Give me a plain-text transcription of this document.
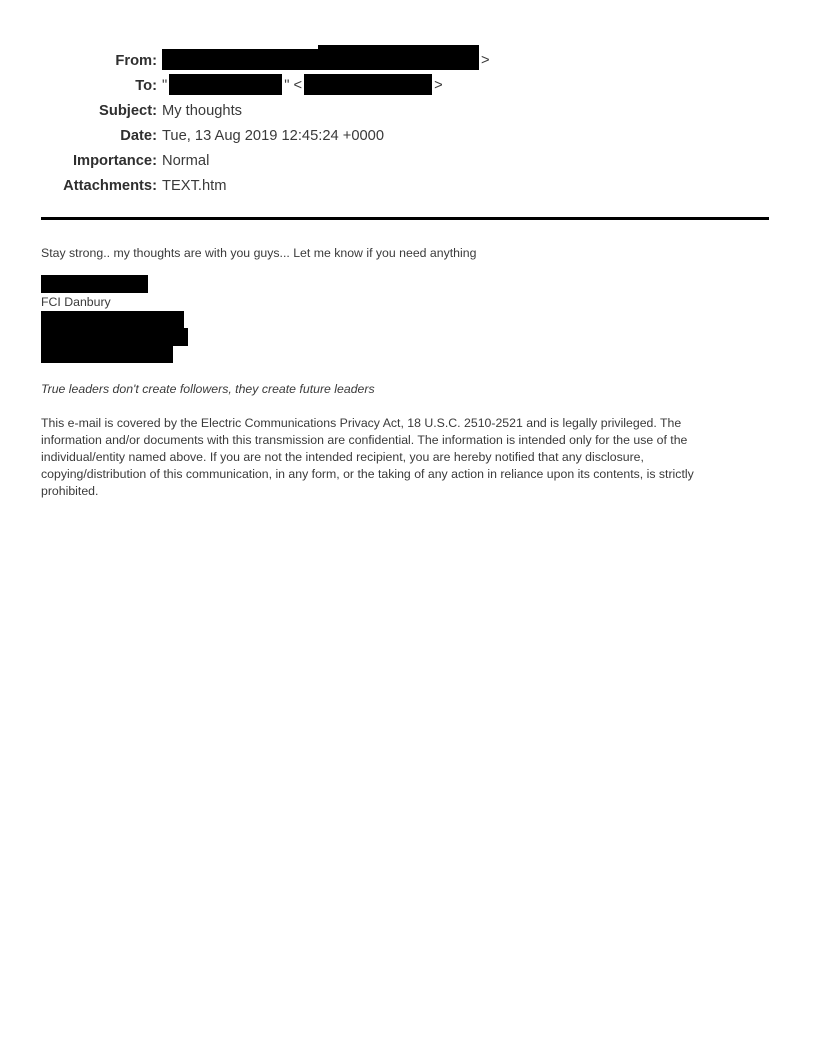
From:	>
To: "	" <	>
Subject: My thoughts
Date: Tue, 13 Aug 2019 12:45:24 +0000
Importance: Normal
Attachments: TEXT.htm
Stay strong.. my thoughts are with you guys... Let me know if you need anything
FCI Danbury
True leaders don't create followers, they create future leaders
This e-mail is covered by the Electric Communications Privacy Act, 18 U.S.C. 2510-2521 and is legally privileged. The
information and/or documents with this transmission are confidential. The information is intended only for the use of the
individual/entity named above. If you are not the intended recipient, you are hereby notified that any disclosure,
copying/distribution of this communication, in any form, or the taking of any action in reliance upon its contents, is strictly
prohibited.
